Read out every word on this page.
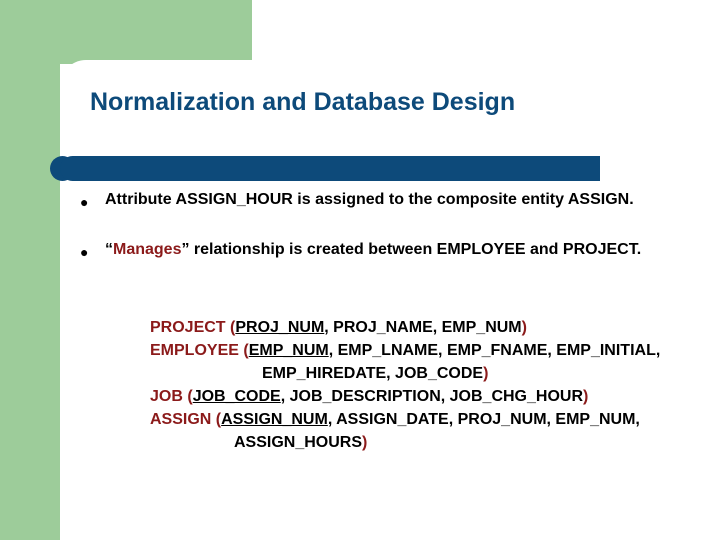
Normalization and Database Design
● Attribute ASSIGN_HOUR is assigned to the composite entity ASSIGN.
● “Manages” relationship is created between EMPLOYEE and PROJECT.
PROJECT (PROJ_NUM, PROJ_NAME, EMP_NUM)
EMPLOYEE (EMP_NUM, EMP_LNAME, EMP_FNAME, EMP_INITIAL,
EMP_HIREDATE, JOB_CODE)
JOB (JOB_CODE, JOB_DESCRIPTION, JOB_CHG_HOUR)
ASSIGN (ASSIGN_NUM, ASSIGN_DATE, PROJ_NUM, EMP_NUM,
ASSIGN_HOURS)
